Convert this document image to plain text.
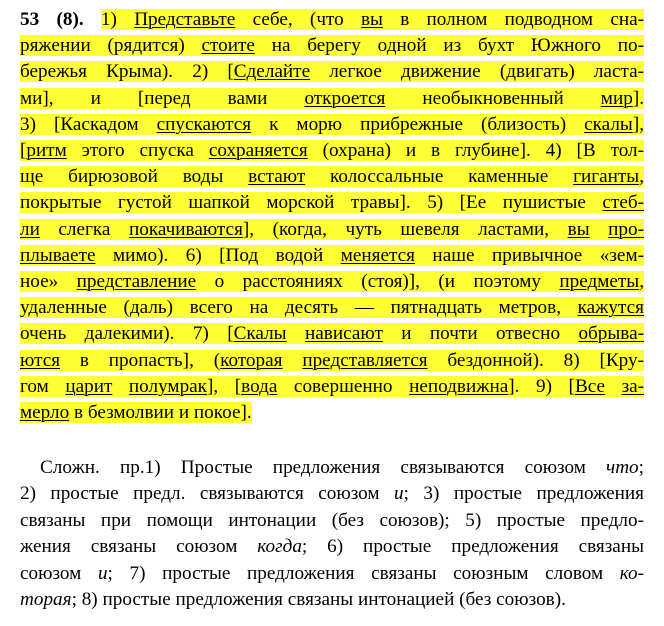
53 (8). 1) Представьте себе, (что вы в полном подводном сна-
ряжении (рядится) стоите на берегу одной из бухт Южного по-
бережья Крыма). 2) [Сделайте легкое движение (двигать) ласта-
ми], и [перед вами откроется необыкновенный мир].
3) [Каскадом спускаются к морю прибрежные (близость) скалы],
[ритм этого спуска сохраняется (охрана) и в глубине]. 4) [В тол-
ще бирюзовой воды встают колоссальные каменные гиганты,
покрытые густой шапкой морской травы]. 5) [Ее пушистые стеб-
ли слегка покачиваются], (когда, чуть шевеля ластами, вы про-
плываете мимо). 6) [Под водой меняется наше привычное «зем-
ное» представление о расстояниях (стоя)], (и поэтому предметы,
удаленные (даль) всего на десять — пятнадцать метров, кажутся
очень далекими). 7) [Скалы нависают и почти отвесно обрыва-
ются в пропасть], (которая представляется бездонной). 8) [Кру-
гом царит полумрак], [вода совершенно неподвижна]. 9) [Все за-
мерло в безмолвии и покое].
Сложн. пр.1) Простые предложения связываются союзом что;
2) простые предл. связываются союзом и; 3) простые предложения
связаны при помощи интонации (без союзов); 5) простые предло-
жения связаны союзом когда; 6) простые предложения связаны
союзом и; 7) простые предложения связаны союзным словом ко-
торая; 8) простые предложения связаны интонацией (без союзов).
